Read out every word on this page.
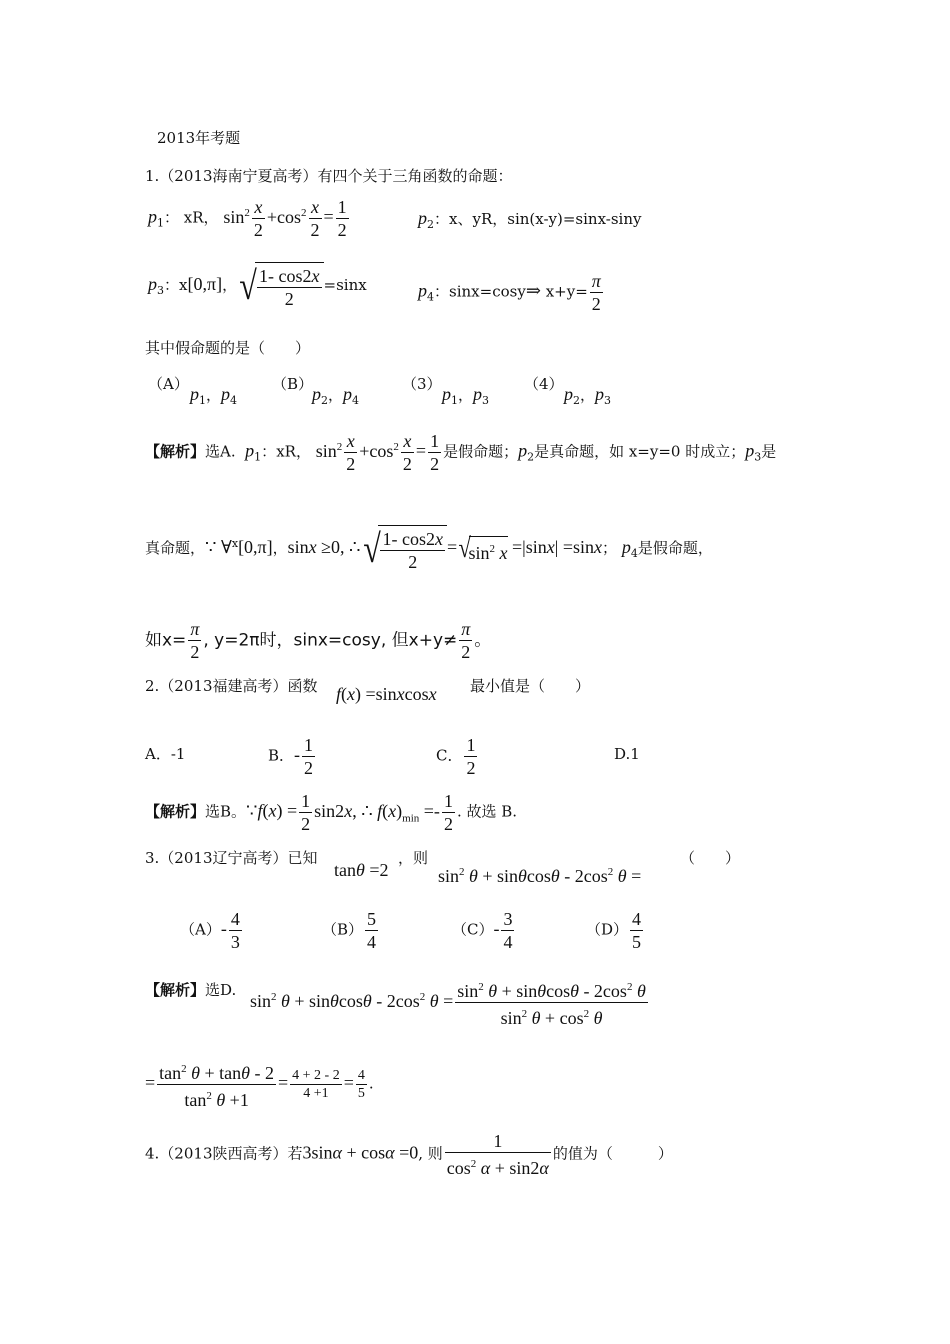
2013年考题
1.（2013海南宁夏高考）有四个关于三角函数的命题：
$p_1$： xR， $\sin^2 \frac{x}{2} +\cos^2 \frac{x}{2} = \frac{1}{2}$	$p_2$：x、yR，sin(x-y)=sinx-siny
$p_3$：x[0,π]，√ $\frac{1- \cos 2x}{2} =\sin x$	$p_4$：sinx=cosy⇒ $x+y= \frac{\pi}{2}$
其中假命题的是（　　）
（A） $p_1$，$p_4$
（B）
$p_2$，$p_4$
（3） $p_1$，$p_3$
（4） $p_2$，$p_3$
【解析】选A. $p_1$：xR， $\sin^2 \frac{x}{2} +\cos^2 \frac{x}{2} = \frac{1}{2}$ 是假命题；$p_2$是真命题，如 x=y=0 时成立；$p_3$是
真命题，∵ ∀$^x$[0,π]，sinx ≥0, ∴√ $\frac{1- \cos 2x}{2} =√\sin^2$ x =|sinx| =sinx； $p_4$是假命题，
如$x= \frac{\pi}{2}$ , y=2π时，sinx=cosy, 但$x+y\ne \frac{\pi}{2}$ 。
2.（2013福建高考）函数 f(x) =sinxcosx 最小值是（　　）
A．-1	B．- $\frac{1}{2}$	C． $\frac{1}{2}$	D.1
【解析】选B。∵f(x) = $\frac{1}{2} \sin 2x$, ∴ $f(x)_{min} =- \frac{1}{2}$ . 故选 B.
3.（2013辽宁高考）已知
tanθ =2
，则
$\sin^2 \theta + \sin\theta\cos\theta - 2\cos^2$ θ =
（　　）
$(A)- \frac{4}{3}$	$(B) \frac{5}{4}$	$(C)- \frac{3}{4}$	$(D) \frac{4}{5}$
【解析】选D.
$\sin^2 \theta + \sin\theta\cos\theta - 2\cos^2$ $\theta = \frac{\sin^2 \theta + \sin\theta\cos\theta - 2\cos^2 \theta}{\sin^2 \theta + \cos^2 \theta}$
= $\frac{\tan^2 \theta + \tan\theta - 2}{\tan^2 \theta +1} = \frac{4 + 2 - 2}{4 +1} = \frac{4}{5}$ .
4.（2013陕西高考）若3sinα + cosα =0, 则 $\frac{1}{\cos^2 \alpha + \sin 2\alpha}$ 的值为（　　　）
